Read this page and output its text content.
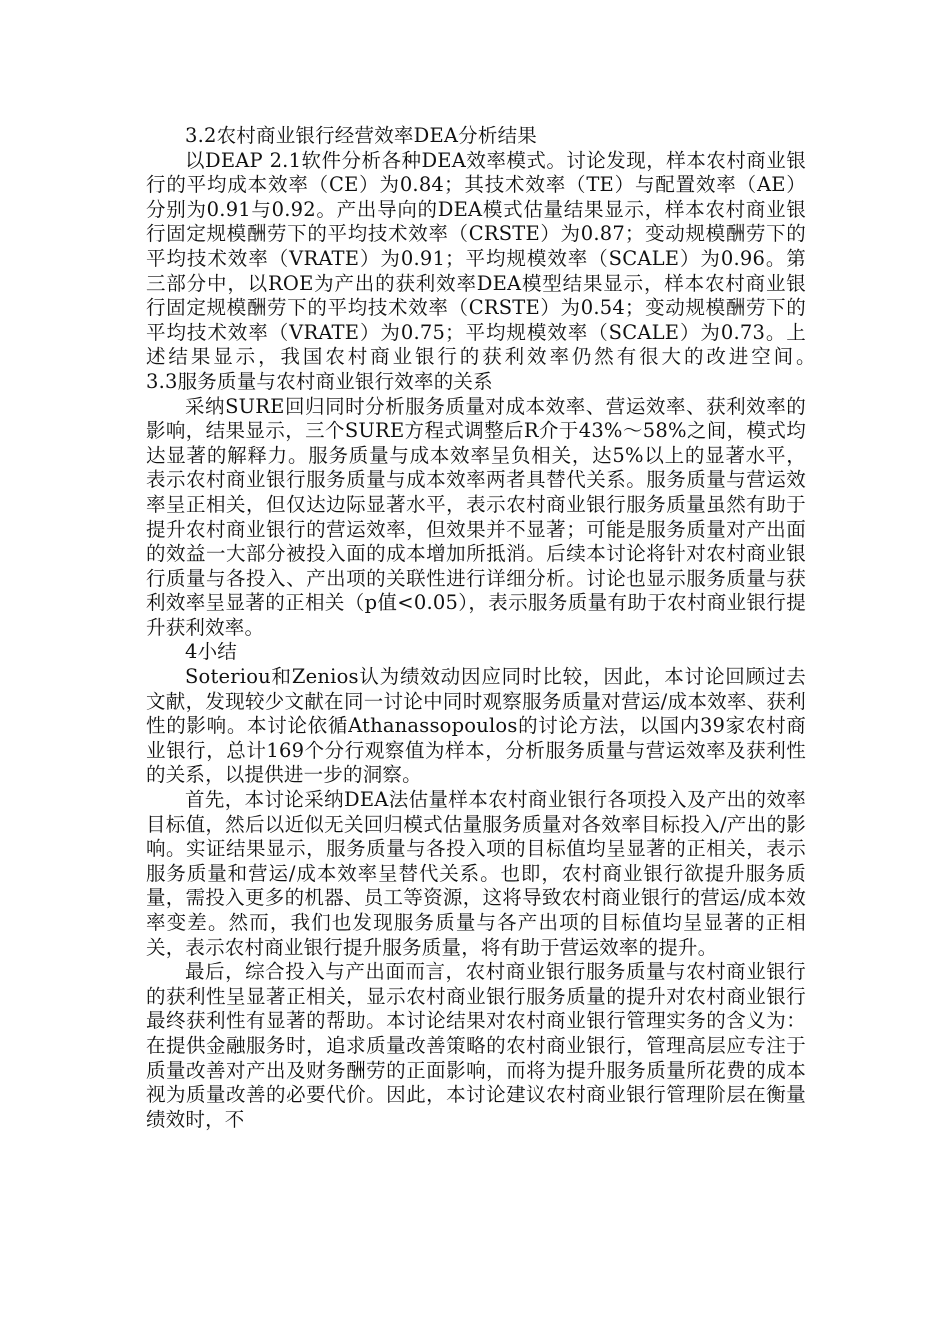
3.2农村商业银行经营效率DEA分析结果

以DEAP 2.1软件分析各种DEA效率模式。讨论发现，样本农村商业银行的平均成本效率（CE）为0.84；其技术效率（TE）与配置效率（AE）分别为0.91与0.92。产出导向的DEA模式估量结果显示，样本农村商业银行固定规模酬劳下的平均技术效率（CRSTE）为0.87；变动规模酬劳下的平均技术效率（VRATE）为0.91；平均规模效率（SCALE）为0.96。第三部分中，以ROE为产出的获利效率DEA模型结果显示，样本农村商业银行固定规模酬劳下的平均技术效率（CRSTE）为0.54；变动规模酬劳下的平均技术效率（VRATE）为0.75；平均规模效率（SCALE）为0.73。上述结果显示，我国农村商业银行的获利效率仍然有很大的改进空间。　　　　3.3服务质量与农村商业银行效率的关系

采纳SURE回归同时分析服务质量对成本效率、营运效率、获利效率的影响，结果显示，三个SURE方程式调整后R介于43%～58%之间，模式均达显著的解释力。服务质量与成本效率呈负相关，达5%以上的显著水平，表示农村商业银行服务质量与成本效率两者具替代关系。服务质量与营运效率呈正相关，但仅达边际显著水平，表示农村商业银行服务质量虽然有助于提升农村商业银行的营运效率，但效果并不显著；可能是服务质量对产出面的效益一大部分被投入面的成本增加所抵消。后续本讨论将针对农村商业银行质量与各投入、产出项的关联性进行详细分析。讨论也显示服务质量与获利效率呈显著的正相关（p值<0.05），表示服务质量有助于农村商业银行提升获利效率。

4小结

Soteriou和Zenios认为绩效动因应同时比较，因此，本讨论回顾过去文献，发现较少文献在同一讨论中同时观察服务质量对营运/成本效率、获利性的影响。本讨论依循Athanassopoulos的讨论方法，以国内39家农村商业银行，总计169个分行观察值为样本，分析服务质量与营运效率及获利性的关系，以提供进一步的洞察。

首先，本讨论采纳DEA法估量样本农村商业银行各项投入及产出的效率目标值，然后以近似无关回归模式估量服务质量对各效率目标投入/产出的影响。实证结果显示，服务质量与各投入项的目标值均呈显著的正相关，表示服务质量和营运/成本效率呈替代关系。也即，农村商业银行欲提升服务质量，需投入更多的机器、员工等资源，这将导致农村商业银行的营运/成本效率变差。然而，我们也发现服务质量与各产出项的目标值均呈显著的正相关，表示农村商业银行提升服务质量，将有助于营运效率的提升。

最后，综合投入与产出面而言，农村商业银行服务质量与农村商业银行的获利性呈显著正相关，显示农村商业银行服务质量的提升对农村商业银行最终获利性有显著的帮助。本讨论结果对农村商业银行管理实务的含义为：在提供金融服务时，追求质量改善策略的农村商业银行，管理高层应专注于质量改善对产出及财务酬劳的正面影响，而将为提升服务质量所花费的成本视为质量改善的必要代价。因此，本讨论建议农村商业银行管理阶层在衡量绩效时，不
